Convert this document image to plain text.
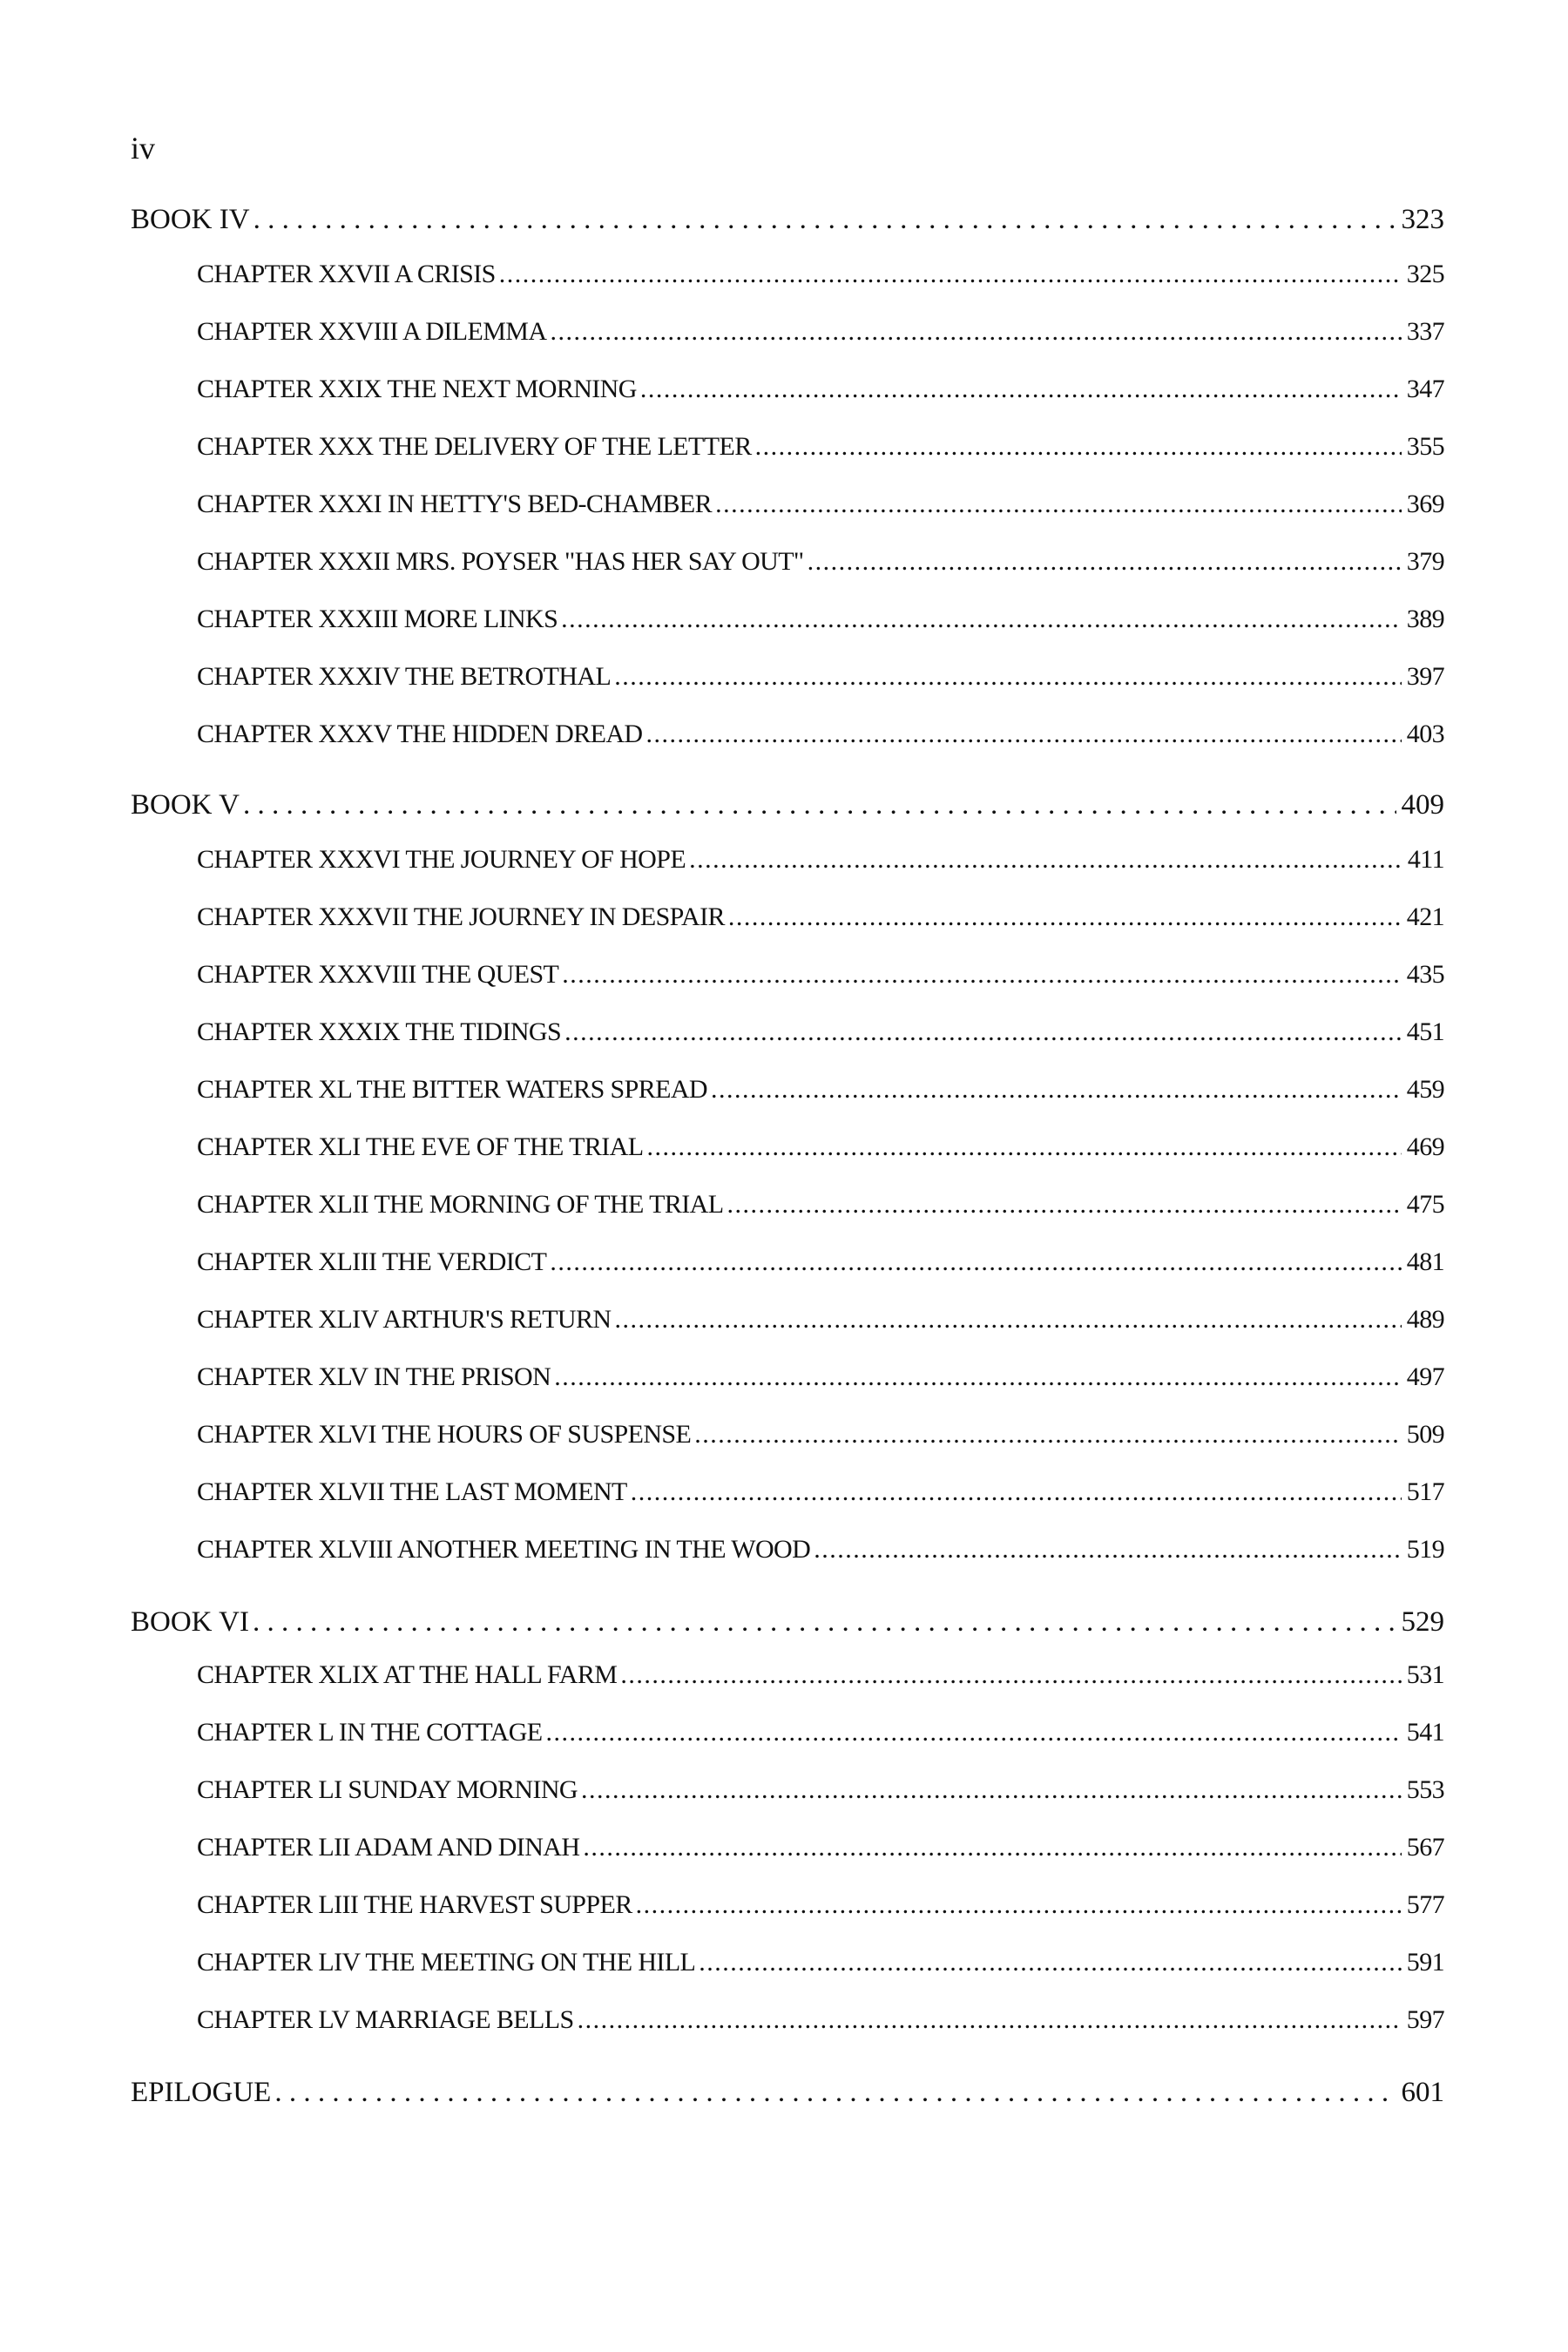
iv
BOOK IV . . .	323
CHAPTER XXVII A CRISIS . . .	325
CHAPTER XXVIII A DILEMMA . . .	337
CHAPTER XXIX THE NEXT MORNING . . .	347
CHAPTER XXX THE DELIVERY OF THE LETTER . . .	355
CHAPTER XXXI IN HETTY'S BED-CHAMBER . . .	369
CHAPTER XXXII MRS. POYSER "HAS HER SAY OUT" . . .	379
CHAPTER XXXIII MORE LINKS . . .	389
CHAPTER XXXIV THE BETROTHAL . . .	397
CHAPTER XXXV THE HIDDEN DREAD . . .	403
BOOK V . . .	409
CHAPTER XXXVI THE JOURNEY OF HOPE . . .	411
CHAPTER XXXVII THE JOURNEY IN DESPAIR . . .	421
CHAPTER XXXVIII THE QUEST . . .	435
CHAPTER XXXIX THE TIDINGS . . .	451
CHAPTER XL THE BITTER WATERS SPREAD . . .	459
CHAPTER XLI THE EVE OF THE TRIAL . . .	469
CHAPTER XLII THE MORNING OF THE TRIAL . . .	475
CHAPTER XLIII THE VERDICT . . .	481
CHAPTER XLIV ARTHUR'S RETURN . . .	489
CHAPTER XLV IN THE PRISON . . .	497
CHAPTER XLVI THE HOURS OF SUSPENSE . . .	509
CHAPTER XLVII THE LAST MOMENT . . .	517
CHAPTER XLVIII ANOTHER MEETING IN THE WOOD . . .	519
BOOK VI . . .	529
CHAPTER XLIX AT THE HALL FARM . . .	531
CHAPTER L IN THE COTTAGE . . .	541
CHAPTER LI SUNDAY MORNING . . .	553
CHAPTER LII ADAM AND DINAH . . .	567
CHAPTER LIII THE HARVEST SUPPER . . .	577
CHAPTER LIV THE MEETING ON THE HILL . . .	591
CHAPTER LV MARRIAGE BELLS . . .	597
EPILOGUE . . .	601
